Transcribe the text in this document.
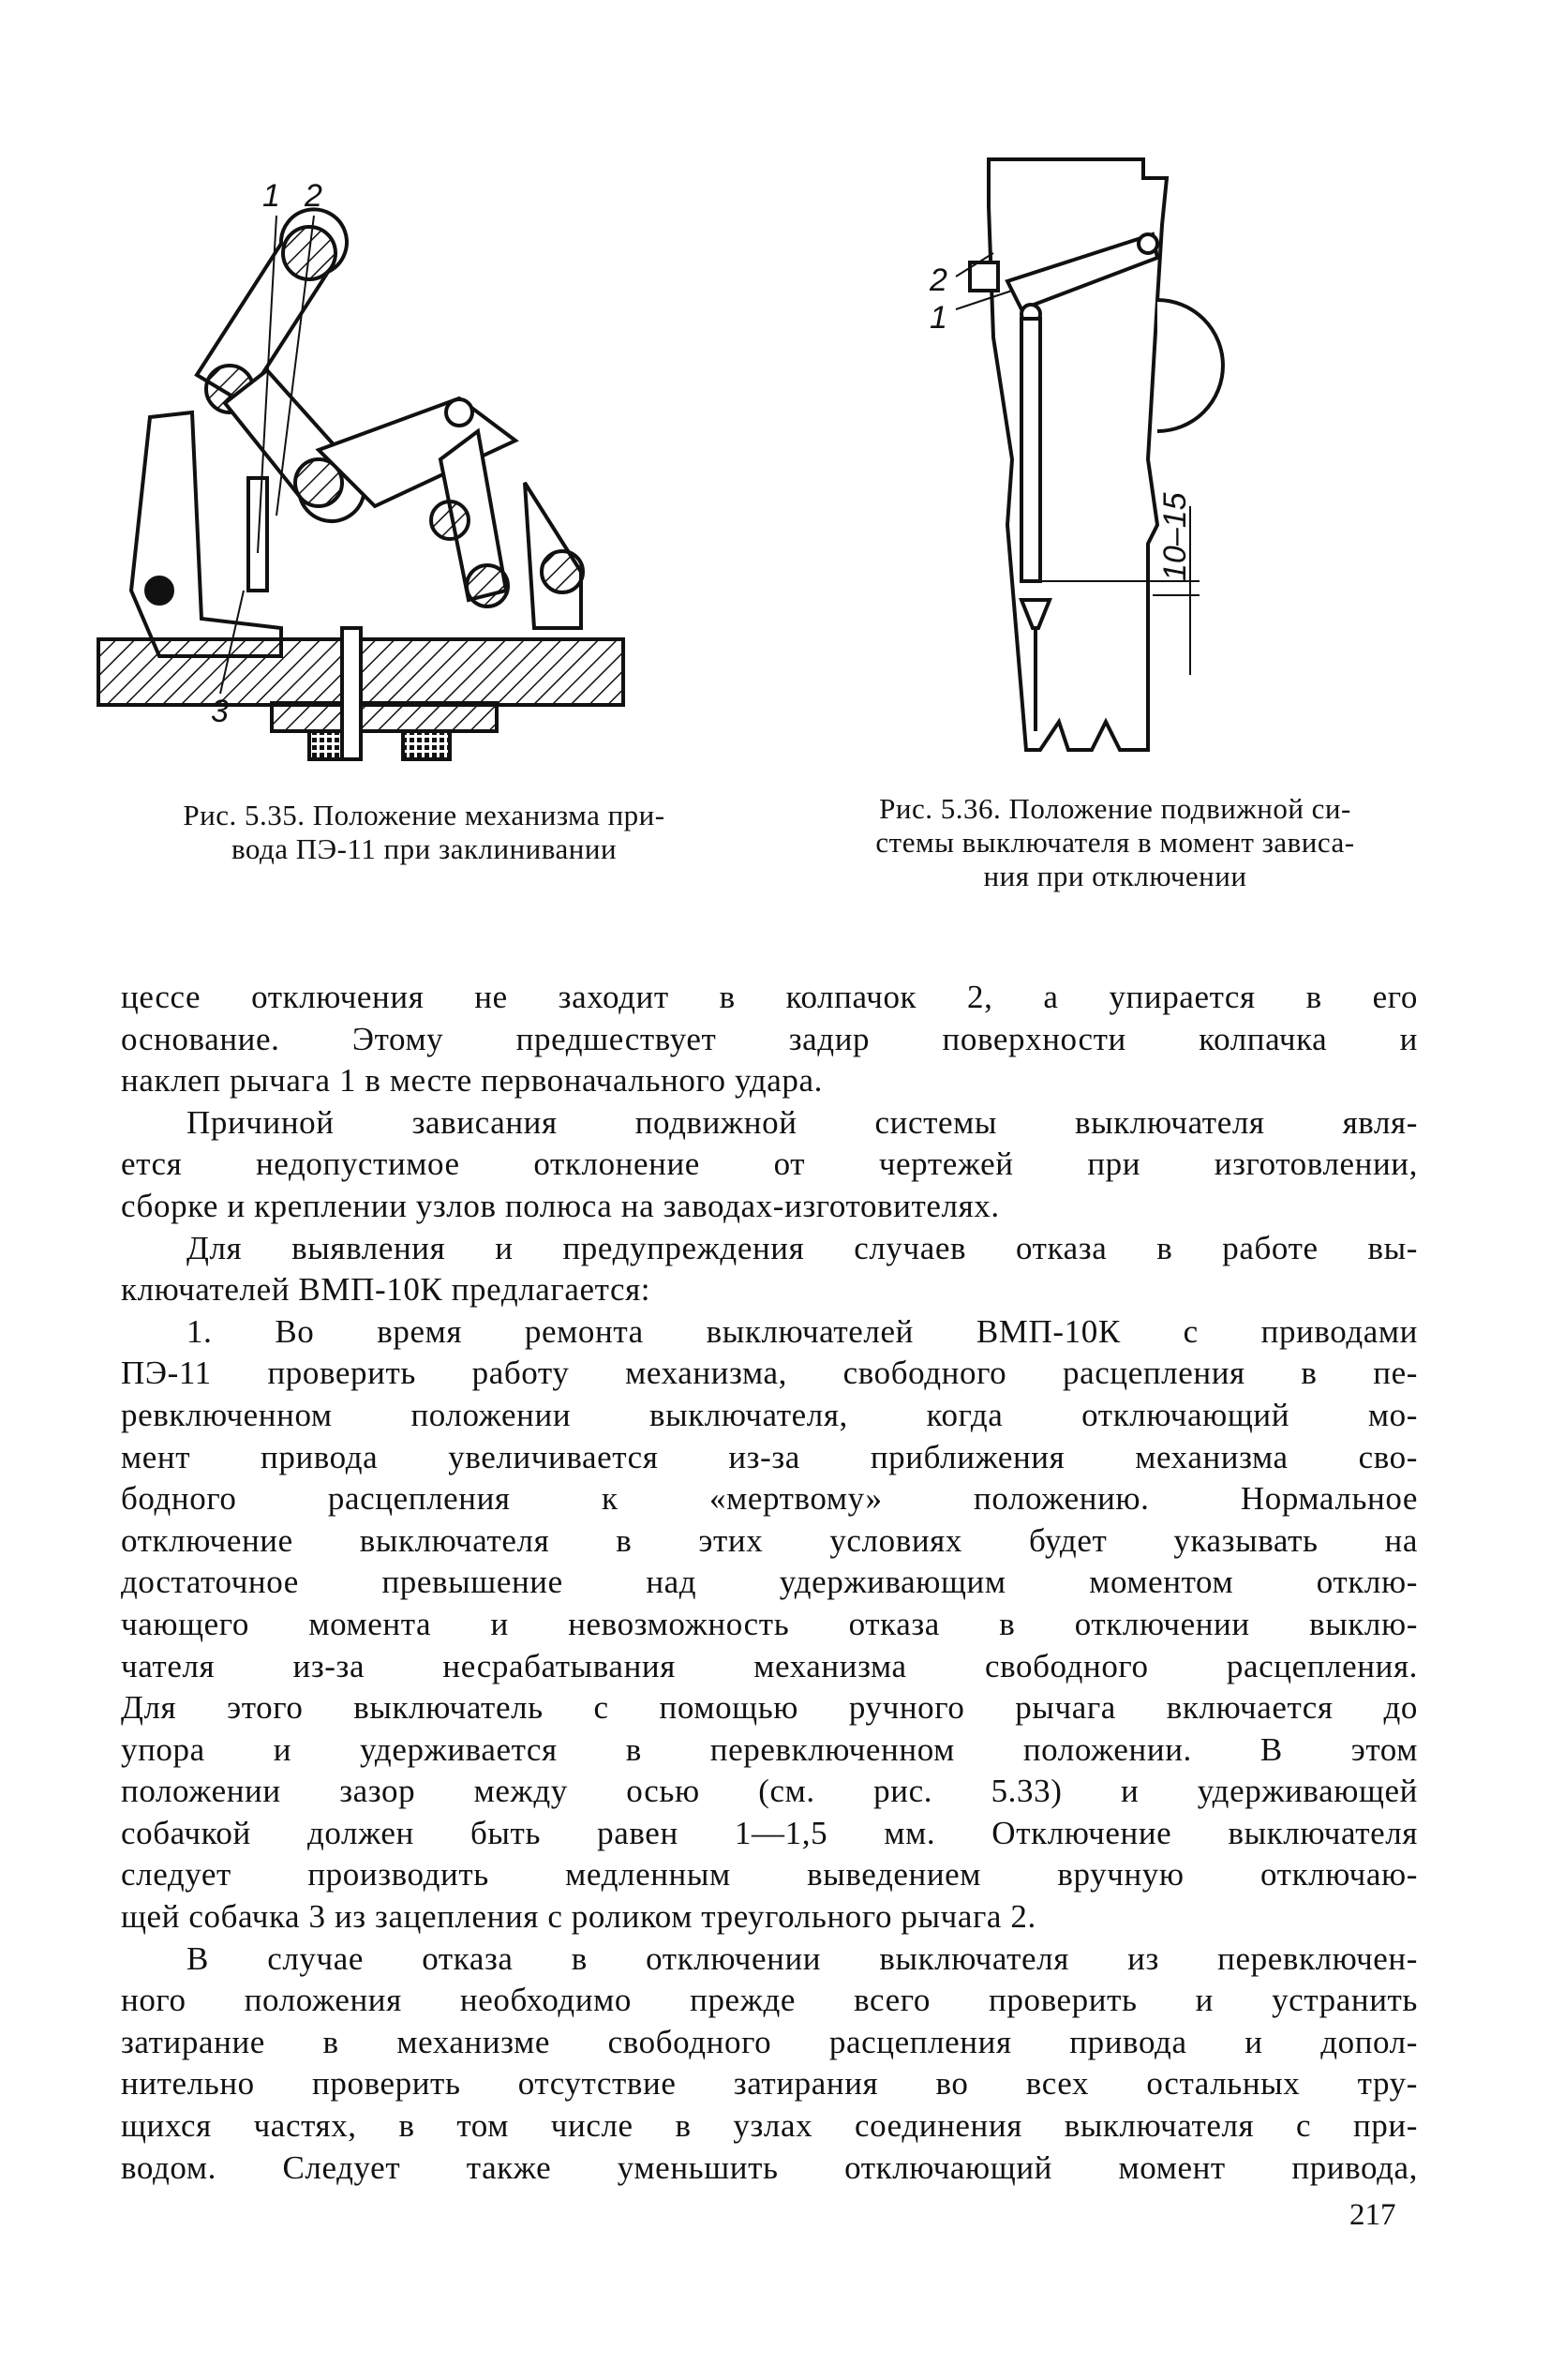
1 2
3
2
1
10–15
Рис. 5.35. Положение механизма при-
вода ПЭ-11 при заклинивании
Рис. 5.36. Положение подвижной си-
стемы выключателя в момент зависа-
ния при отключении
цессе отключения не заходит в колпачок 2, а упирается в его
основание. Этому предшествует задир поверхности колпачка и
наклеп рычага 1 в месте первоначального удара.
Причиной зависания подвижной системы выключателя явля-
ется недопустимое отклонение от чертежей при изготовлении,
сборке и креплении узлов полюса на заводах-изготовителях.
Для выявления и предупреждения случаев отказа в работе вы-
ключателей ВМП-10К предлагается:
1. Во время ремонта выключателей ВМП-10К с приводами
ПЭ-11 проверить работу механизма, свободного расцепления в пе-
ревключенном положении выключателя, когда отключающий мо-
мент привода увеличивается из-за приближения механизма сво-
бодного расцепления к «мертвому» положению. Нормальное
отключение выключателя в этих условиях будет указывать на
достаточное превышение над удерживающим моментом отклю-
чающего момента и невозможность отказа в отключении выклю-
чателя из-за несрабатывания механизма свободного расцепления.
Для этого выключатель с помощью ручного рычага включается до
упора и удерживается в перевключенном положении. В этом
положении зазор между осью (см. рис. 5.33) и удерживающей
собачкой должен быть равен 1—1,5 мм. Отключение выключателя
следует производить медленным выведением вручную отключаю-
щей собачка 3 из зацепления с роликом треугольного рычага 2.
В случае отказа в отключении выключателя из перевключен-
ного положения необходимо прежде всего проверить и устранить
затирание в механизме свободного расцепления привода и допол-
нительно проверить отсутствие затирания во всех остальных тру-
щихся частях, в том числе в узлах соединения выключателя с при-
водом. Следует также уменьшить отключающий момент привода,
217
